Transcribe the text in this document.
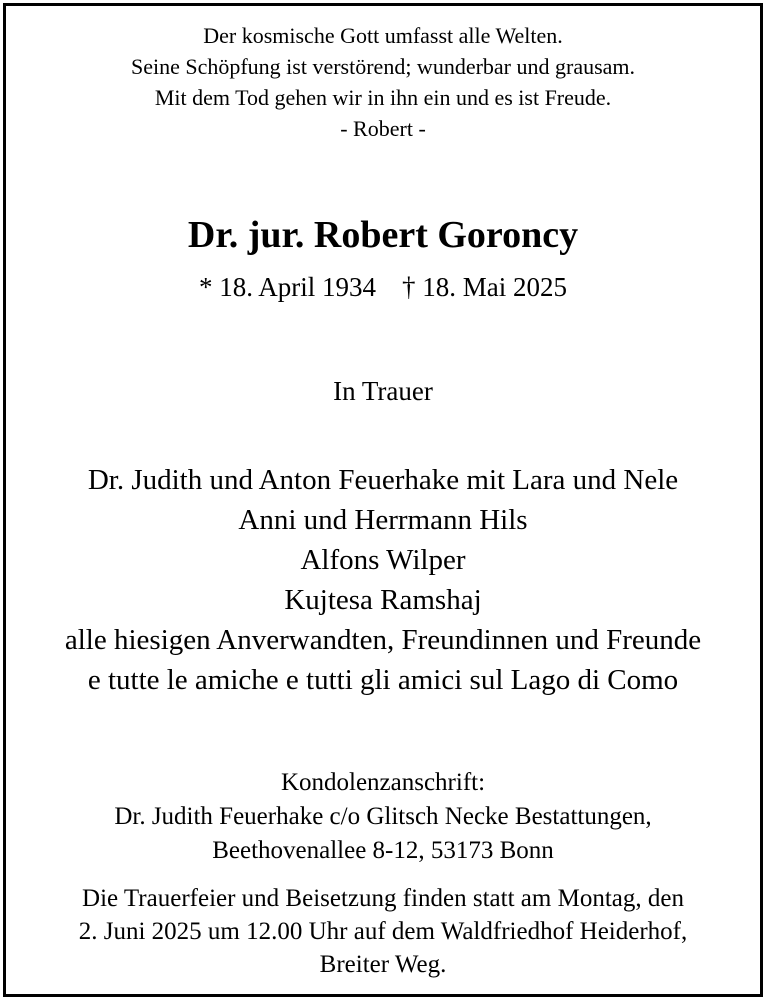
Der kosmische Gott umfasst alle Welten.
Seine Schöpfung ist verstörend; wunderbar und grausam.
Mit dem Tod gehen wir in ihn ein und es ist Freude.
- Robert -
Dr. jur. Robert Goroncy
* 18. April 1934 † 18. Mai 2025
In Trauer
Dr. Judith und Anton Feuerhake mit Lara und Nele
Anni und Herrmann Hils
Alfons Wilper
Kujtesa Ramshaj
alle hiesigen Anverwandten, Freundinnen und Freunde
e tutte le amiche e tutti gli amici sul Lago di Como
Kondolenzanschrift:
Dr. Judith Feuerhake c/o Glitsch Necke Bestattungen,
Beethovenallee 8-12, 53173 Bonn
Die Trauerfeier und Beisetzung finden statt am Montag, den
2. Juni 2025 um 12.00 Uhr auf dem Waldfriedhof Heiderhof,
Breiter Weg.
